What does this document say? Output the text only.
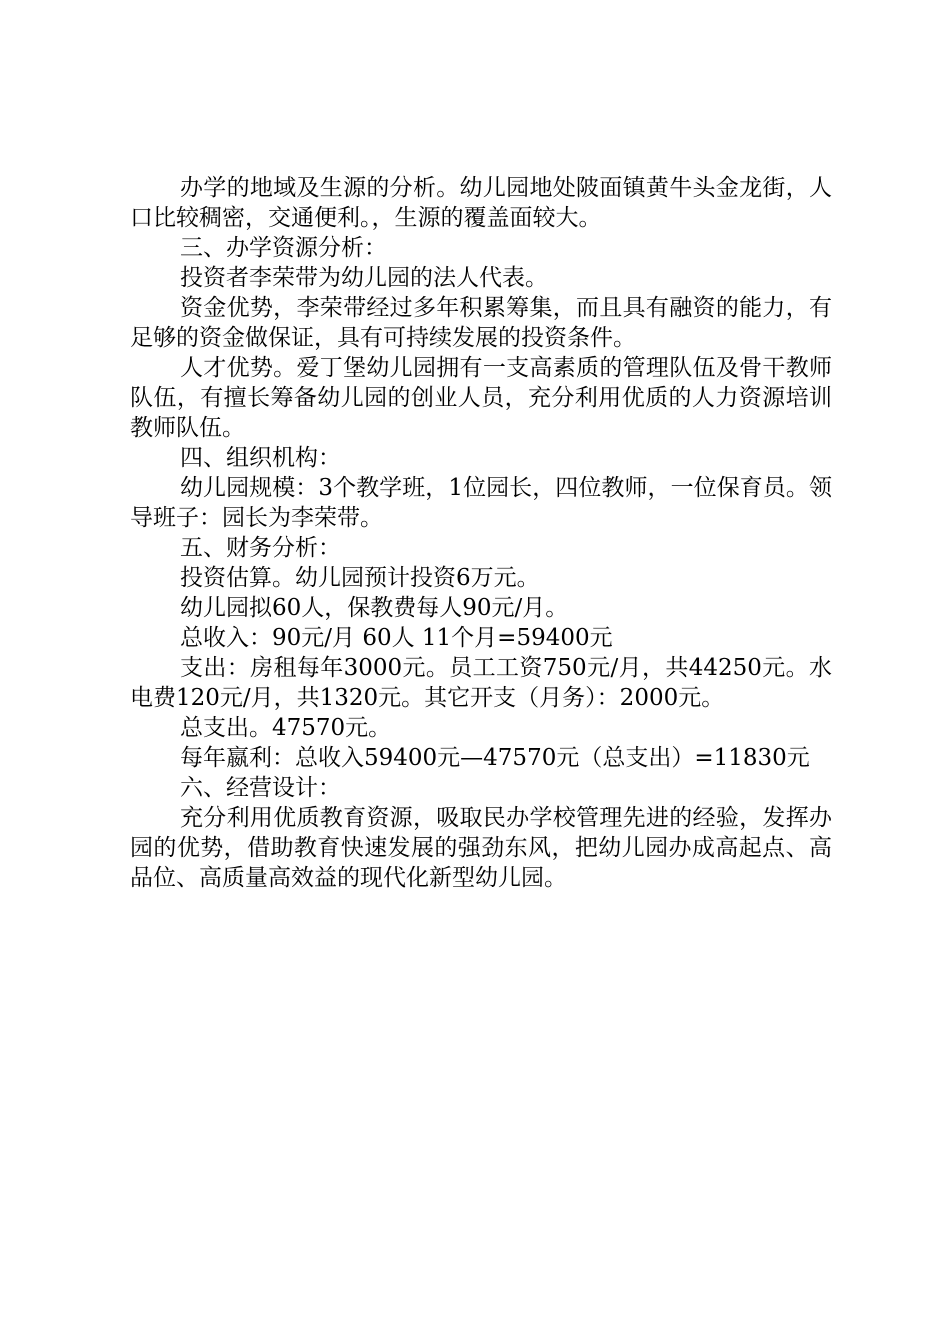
办学的地域及生源的分析。幼儿园地处陂面镇黄牛头金龙街，人口比较稠密，交通便利。，生源的覆盖面较大。

三、办学资源分析：

投资者李荣带为幼儿园的法人代表。

资金优势，李荣带经过多年积累筹集，而且具有融资的能力，有足够的资金做保证，具有可持续发展的投资条件。

人才优势。爱丁堡幼儿园拥有一支高素质的管理队伍及骨干教师队伍，有擅长筹备幼儿园的创业人员，充分利用优质的人力资源培训教师队伍。

四、组织机构：

幼儿园规模：3个教学班，1位园长，四位教师，一位保育员。领导班子：园长为李荣带。

五、财务分析：

投资估算。幼儿园预计投资6万元。

幼儿园拟60人，保教费每人90元/月。

总收入：90元/月 60人 11个月=59400元

支出：房租每年3000元。员工工资750元/月，共44250元。水电费120元/月，共1320元。其它开支（月务）：2000元。

总支出。47570元。

每年嬴利：总收入59400元—47570元（总支出）=11830元

六、经营设计：

充分利用优质教育资源，吸取民办学校管理先进的经验，发挥办园的优势，借助教育快速发展的强劲东风，把幼儿园办成高起点、高品位、高质量高效益的现代化新型幼儿园。
